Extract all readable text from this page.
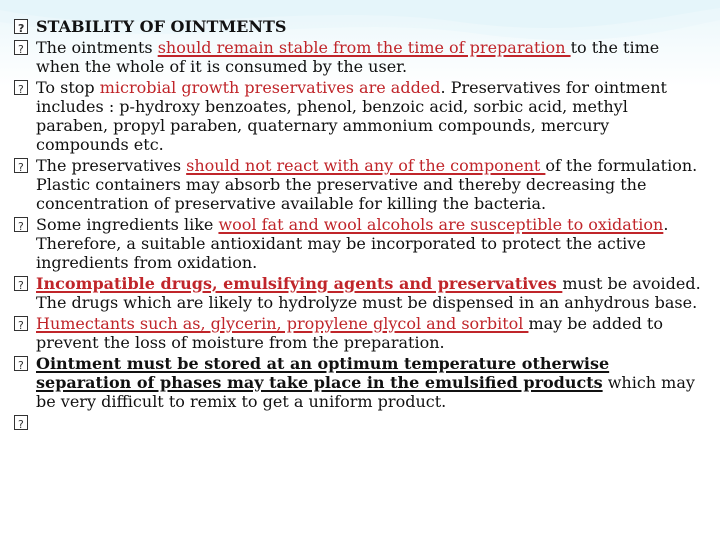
?
STABILITY OF OINTMENTS
?
The ointments should remain stable from the time of preparation to the time when the whole of it is consumed by the user.
?
To stop microbial growth preservatives are added. Preservatives for ointment includes : p-hydroxy benzoates, phenol, benzoic acid, sorbic acid, methyl paraben, propyl paraben, quaternary ammonium compounds, mercury compounds etc.
?
The preservatives should not react with any of the component of the formulation. Plastic containers may absorb the preservative and thereby decreasing the concentration of preservative available for killing the bacteria.
?
Some ingredients like wool fat and wool alcohols are susceptible to oxidation. Therefore, a suitable antioxidant may be incorporated to protect the active ingredients from oxidation.
?
Incompatible drugs, emulsifying agents and preservatives must be avoided. The drugs which are likely to hydrolyze must be dispensed in an anhydrous base.
?
Humectants such as, glycerin, propylene glycol and sorbitol may be added to prevent the loss of moisture from the preparation.
?
Ointment must be stored at an optimum temperature otherwise separation of phases may take place in the emulsified products which may be very difficult to remix to get a uniform product.
?
